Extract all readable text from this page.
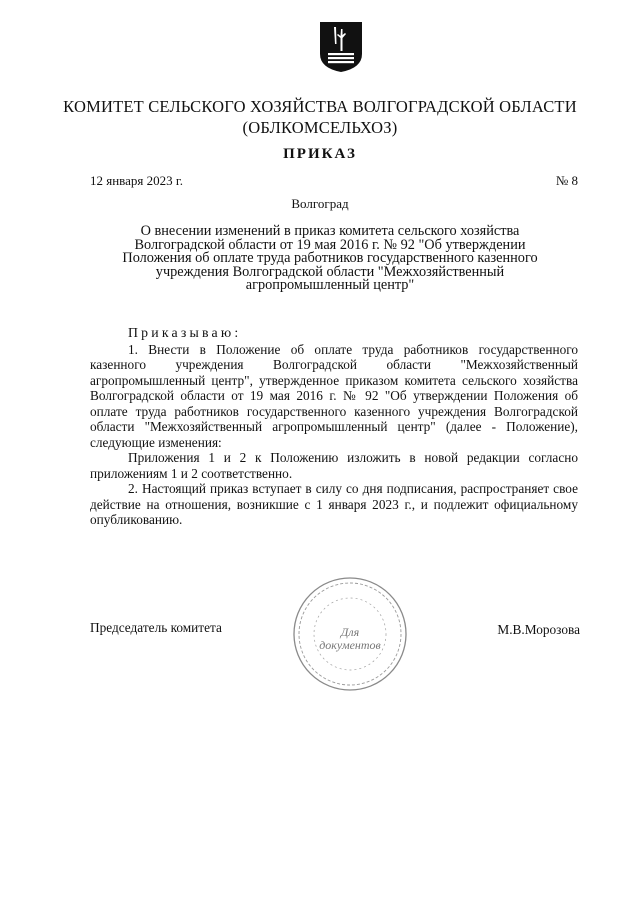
КОМИТЕТ СЕЛЬСКОГО ХОЗЯЙСТВА ВОЛГОГРАДСКОЙ ОБЛАСТИ
(ОБЛКОМСЕЛЬХОЗ)
ПРИКАЗ
12 января 2023 г.	№ 8
Волгоград
О внесении изменений в приказ комитета сельского хозяйства Волгоградской области от 19 мая 2016 г. № 92 "Об утверждении Положения об оплате труда работников государственного казенного учреждения Волгоградской области "Межхозяйственный агропромышленный центр"
Приказываю:

1. Внести в Положение об оплате труда работников государственного казенного учреждения Волгоградской области "Межхозяйственный агропромышленный центр", утвержденное приказом комитета сельского хозяйства Волгоградской области от 19 мая 2016 г. № 92 "Об утверждении Положения об оплате труда работников государственного казенного учреждения Волгоградской области "Межхозяйственный агропромышленный центр" (далее - Положение), следующие изменения:

Приложения 1 и 2 к Положению изложить в новой редакции согласно приложениям 1 и 2 соответственно.

2. Настоящий приказ вступает в силу со дня подписания, распространяет свое действие на отношения, возникшие с 1 января 2023 г., и подлежит официальному опубликованию.

Председатель комитета	Для
документов
М.В.Морозова
